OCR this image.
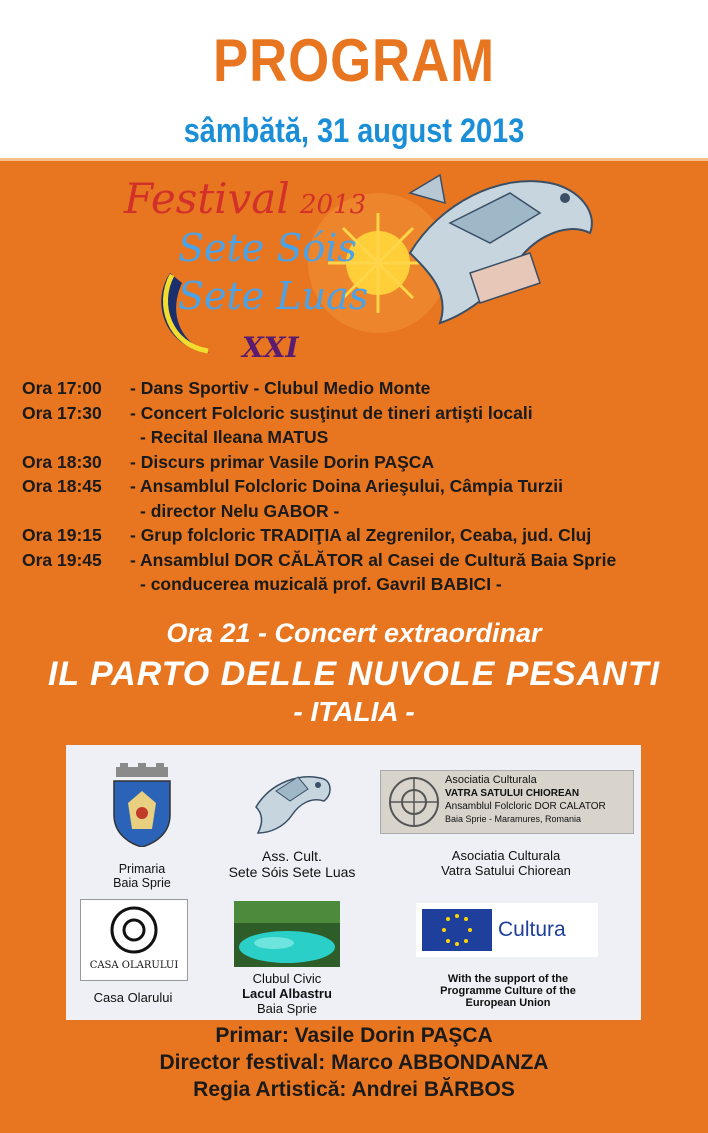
PROGRAM
sâmbătă, 31 august 2013
Festival 2013
Sete Sóis
Sete Luas
XXI
Ora 17:00 - Dans Sportiv - Clubul Medio Monte
Ora 17:30 - Concert Folcloric susţinut de tineri artişti locali
- Recital Ileana MATUS
Ora 18:30 - Discurs primar Vasile Dorin PAŞCA
Ora 18:45 - Ansamblul Folcloric Doina Arieşului, Câmpia Turzii
- director Nelu GABOR -
Ora 19:15 - Grup folcloric TRADIŢIA al Zegrenilor, Ceaba, jud. Cluj
Ora 19:45 - Ansamblul DOR CĂLĂTOR al Casei de Cultură Baia Sprie
- conducerea muzicală prof. Gavril BABICI -
Ora 21 - Concert extraordinar
IL PARTO DELLE NUVOLE PESANTI
- ITALIA -
Primaria
Baia Sprie
Ass. Cult.
Sete Sóis Sete Luas
Asociatia Culturala
VATRA SATULUI CHIOREAN
Ansamblul Folcloric DOR CALATOR
Baia Sprie - Maramures, Romania
Asociatia Culturala
Vatra Satului Chiorean
CASA OLARULUI
Casa Olarului
Clubul Civic
Lacul Albastru
Baia Sprie
Cultura
With the support of the
Programme Culture of the
European Union
Primar: Vasile Dorin PAŞCA
Director festival: Marco ABBONDANZA
Regia Artistică: Andrei BĂRBOS
